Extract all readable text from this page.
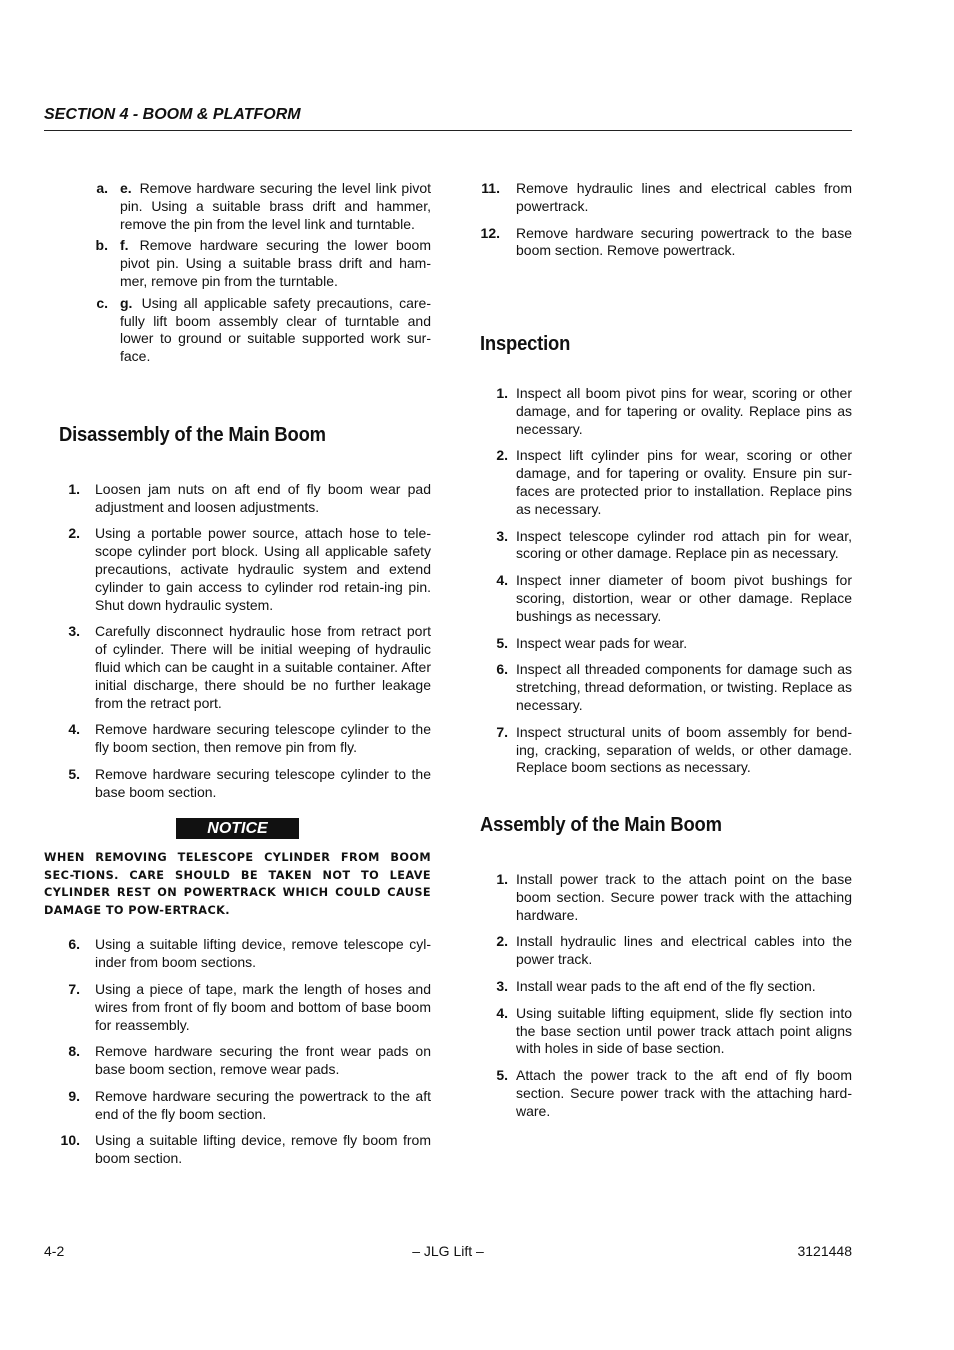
SECTION 4 - BOOM & PLATFORM
a. e. Remove hardware securing the level link pivot pin. Using a suitable brass drift and hammer, remove the pin from the level link and turntable.
b. f. Remove hardware securing the lower boom pivot pin. Using a suitable brass drift and ham-mer, remove pin from the turntable.
c. g. Using all applicable safety precautions, care-fully lift boom assembly clear of turntable and lower to ground or suitable supported work sur-face.
Disassembly of the Main Boom
1. Loosen jam nuts on aft end of fly boom wear pad adjustment and loosen adjustments.
2. Using a portable power source, attach hose to tele-scope cylinder port block. Using all applicable safety precautions, activate hydraulic system and extend cylinder to gain access to cylinder rod retain-ing pin. Shut down hydraulic system.
3. Carefully disconnect hydraulic hose from retract port of cylinder. There will be initial weeping of hydraulic fluid which can be caught in a suitable container. After initial discharge, there should be no further leakage from the retract port.
4. Remove hardware securing telescope cylinder to the fly boom section, then remove pin from fly.
5. Remove hardware securing telescope cylinder to the base boom section.
NOTICE
WHEN REMOVING TELESCOPE CYLINDER FROM BOOM SEC-TIONS. CARE SHOULD BE TAKEN NOT TO LEAVE CYLINDER REST ON POWERTRACK WHICH COULD CAUSE DAMAGE TO POW-ERTRACK.
6. Using a suitable lifting device, remove telescope cyl-inder from boom sections.
7. Using a piece of tape, mark the length of hoses and wires from front of fly boom and bottom of base boom for reassembly.
8. Remove hardware securing the front wear pads on base boom section, remove wear pads.
9. Remove hardware securing the powertrack to the aft end of the fly boom section.
10. Using a suitable lifting device, remove fly boom from boom section.
11. Remove hydraulic lines and electrical cables from powertrack.
12. Remove hardware securing powertrack to the base boom section. Remove powertrack.
Inspection
1. Inspect all boom pivot pins for wear, scoring or other damage, and for tapering or ovality. Replace pins as necessary.
2. Inspect lift cylinder pins for wear, scoring or other damage, and for tapering or ovality. Ensure pin sur-faces are protected prior to installation. Replace pins as necessary.
3. Inspect telescope cylinder rod attach pin for wear, scoring or other damage. Replace pin as necessary.
4. Inspect inner diameter of boom pivot bushings for scoring, distortion, wear or other damage. Replace bushings as necessary.
5. Inspect wear pads for wear.
6. Inspect all threaded components for damage such as stretching, thread deformation, or twisting. Replace as necessary.
7. Inspect structural units of boom assembly for bend-ing, cracking, separation of welds, or other damage. Replace boom sections as necessary.
Assembly of the Main Boom
1. Install power track to the attach point on the base boom section. Secure power track with the attaching hardware.
2. Install hydraulic lines and electrical cables into the power track.
3. Install wear pads to the aft end of the fly section.
4. Using suitable lifting equipment, slide fly section into the base section until power track attach point aligns with holes in side of base section.
5. Attach the power track to the aft end of fly boom section. Secure power track with the attaching hard-ware.
4-2	– JLG Lift –	3121448
